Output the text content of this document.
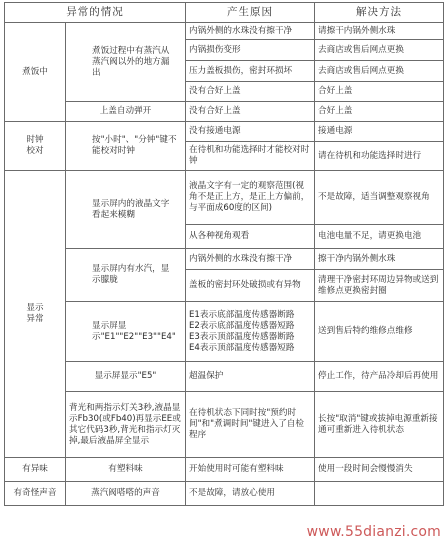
异常的情况		产生原因	解决方法
煮饭中	煮饭过程中有蒸汽从蒸汽阀以外的地方漏出	内锅外侧的水珠没有擦干净	请擦干内锅外侧水珠
		内锅损伤变形	去商店或售后网点更换
		压力盖板损伤，密封环损坏	去商店或售后网点更换
		没有合好上盖	合好上盖
	上盖自动弹开	没有合好上盖	合好上盖
时钟
校对	按"小时"、"分钟"键不能校对时钟	没有接通电源	接通电源
		在待机和功能选择时才能校对时钟	请在待机和功能选择时进行
显示
异常	显示屏内的液晶文字看起来模糊	液晶文字有一定的观察范围(视角不是正上方，是正上方偏前，与平面成60度的区间)	不是故障，适当调整观察视角
		从各种视角观看	电池电量不足，请更换电池
	显示屏内有水汽，显示朦胧	内锅外侧的水珠没有擦干净	擦干净内锅外侧水珠
		盖板的密封环处破损或有异物	清理干净密封环周边异物或送到维修点更换密封圈
	显示屏显示"E1""E2""E3""E4"	E1表示底部温度传感器断路
E2表示底部温度传感器短路
E3表示顶部温度传感器断路
E4表示顶部温度传感器短路	送到售后特约维修点维修
	显示屏显示"E5"	超温保护	停止工作，待产品冷却后再使用
	背光和两指示灯关3秒,液晶显示Fb30(或Fb40)再显示EE或其它代码3秒,背光和指示灯灭掉,最后液晶屏全显示	在待机状态下同时按"预约时间"和"煮调时间"键进入了自检程序	长按"取消"键或拔掉电源重新接通可重新进入待机状态
有异味	有塑料味	开始使用时可能有塑料味	使用一段时间会慢慢消失
有奇怪声音	蒸汽阀嗒嗒的声音	不是故障，请放心使用	
www.55dianzi.com
